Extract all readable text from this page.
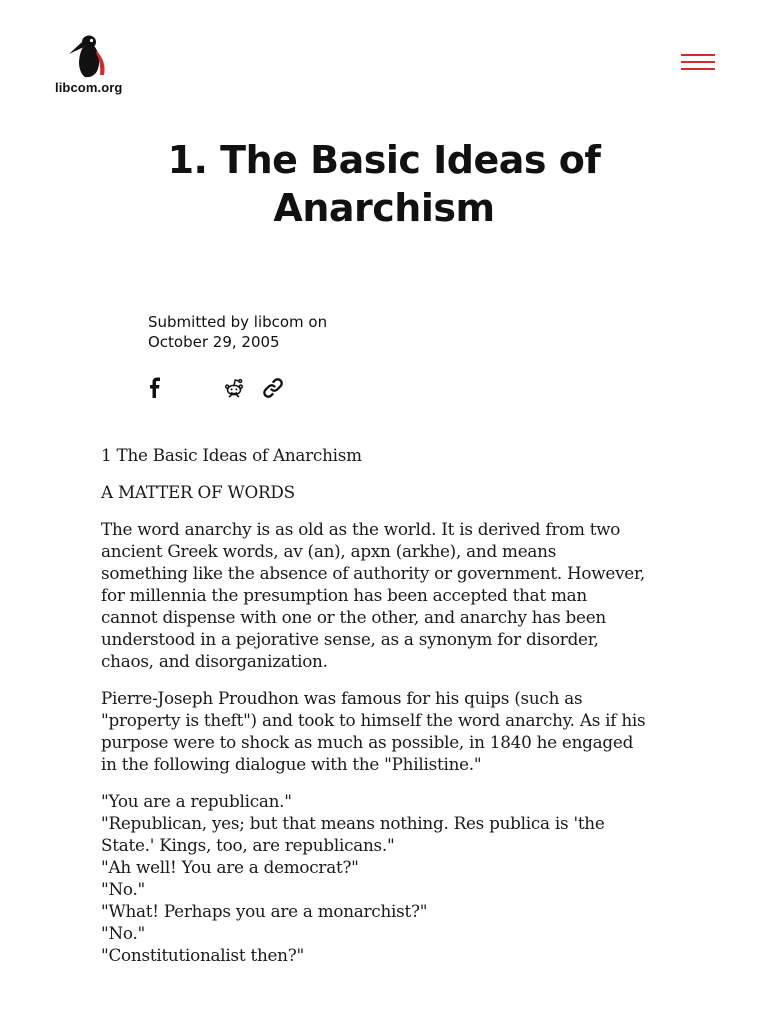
libcom.org
1. The Basic Ideas of Anarchism
Submitted by libcom on
October 29, 2005

1 The Basic Ideas of Anarchism

A MATTER OF WORDS

The word anarchy is as old as the world. It is derived from two ancient Greek words, av (an), apxn (arkhe), and means something like the absence of authority or government. However, for millennia the presumption has been accepted that man cannot dispense with one or the other, and anarchy has been understood in a pejorative sense, as a synonym for disorder, chaos, and disorganization.

Pierre-Joseph Proudhon was famous for his quips (such as "property is theft") and took to himself the word anarchy. As if his purpose were to shock as much as possible, in 1840 he engaged in the following dialogue with the "Philistine."

"You are a republican."

"Republican, yes; but that means nothing. Res publica is 'the State.' Kings, too, are republicans."

"Ah well! You are a democrat?"

"No."

"What! Perhaps you are a monarchist?"

"No."

"Constitutionalist then?"
